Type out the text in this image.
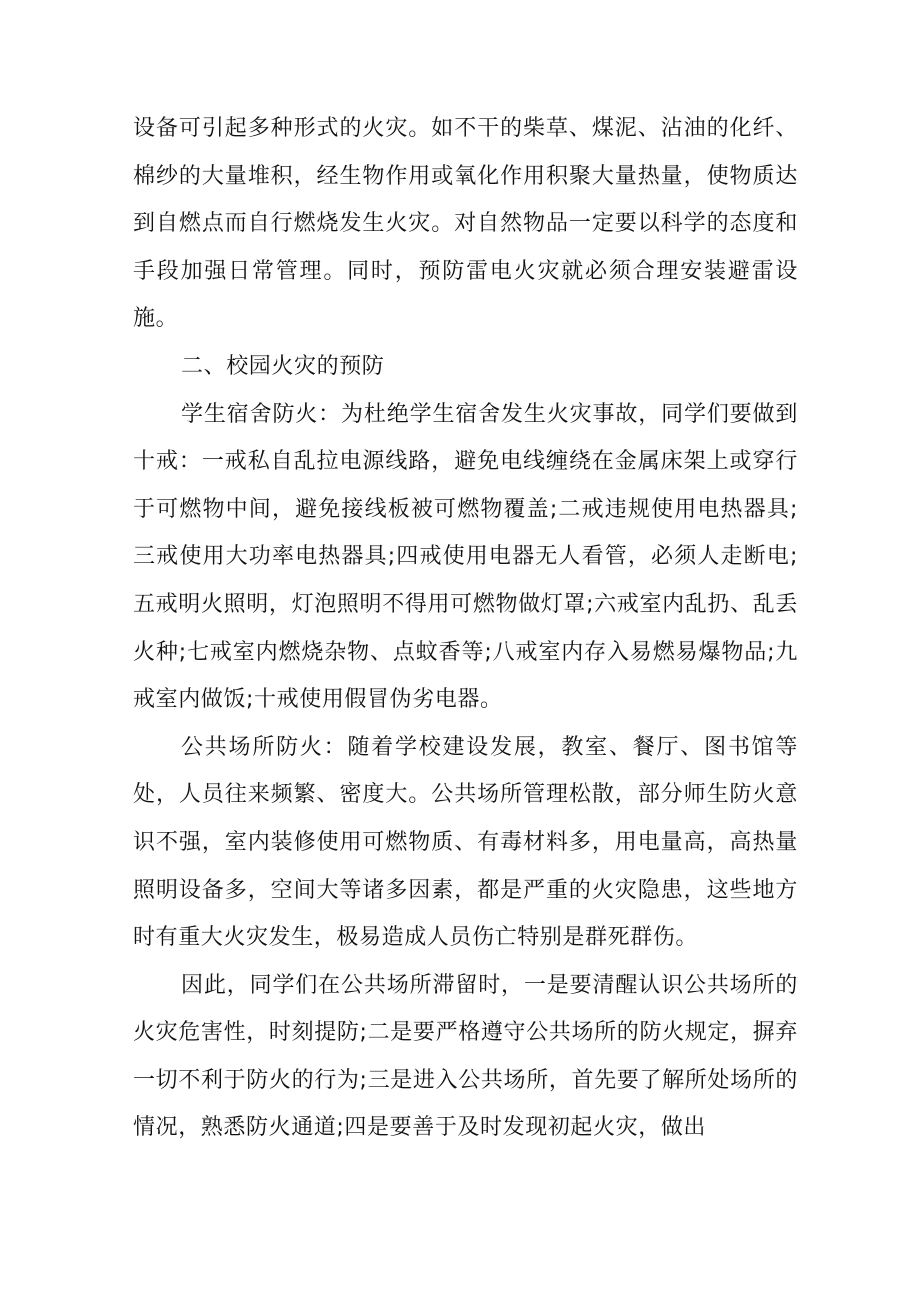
设备可引起多种形式的火灾。如不干的柴草、煤泥、沾油的化纤、棉纱的大量堆积，经生物作用或氧化作用积聚大量热量，使物质达到自燃点而自行燃烧发生火灾。对自然物品一定要以科学的态度和手段加强日常管理。同时，预防雷电火灾就必须合理安装避雷设施。

二、校园火灾的预防

学生宿舍防火：为杜绝学生宿舍发生火灾事故，同学们要做到十戒：一戒私自乱拉电源线路，避免电线缠绕在金属床架上或穿行于可燃物中间，避免接线板被可燃物覆盖;二戒违规使用电热器具;三戒使用大功率电热器具;四戒使用电器无人看管，必须人走断电;五戒明火照明，灯泡照明不得用可燃物做灯罩;六戒室内乱扔、乱丢火种;七戒室内燃烧杂物、点蚊香等;八戒室内存入易燃易爆物品;九戒室内做饭;十戒使用假冒伪劣电器。

公共场所防火：随着学校建设发展，教室、餐厅、图书馆等处，人员往来频繁、密度大。公共场所管理松散，部分师生防火意识不强，室内装修使用可燃物质、有毒材料多，用电量高，高热量照明设备多，空间大等诸多因素，都是严重的火灾隐患，这些地方时有重大火灾发生，极易造成人员伤亡特别是群死群伤。

因此，同学们在公共场所滞留时，一是要清醒认识公共场所的火灾危害性，时刻提防;二是要严格遵守公共场所的防火规定，摒弃一切不利于防火的行为;三是进入公共场所，首先要了解所处场所的情况，熟悉防火通道;四是要善于及时发现初起火灾，做出
